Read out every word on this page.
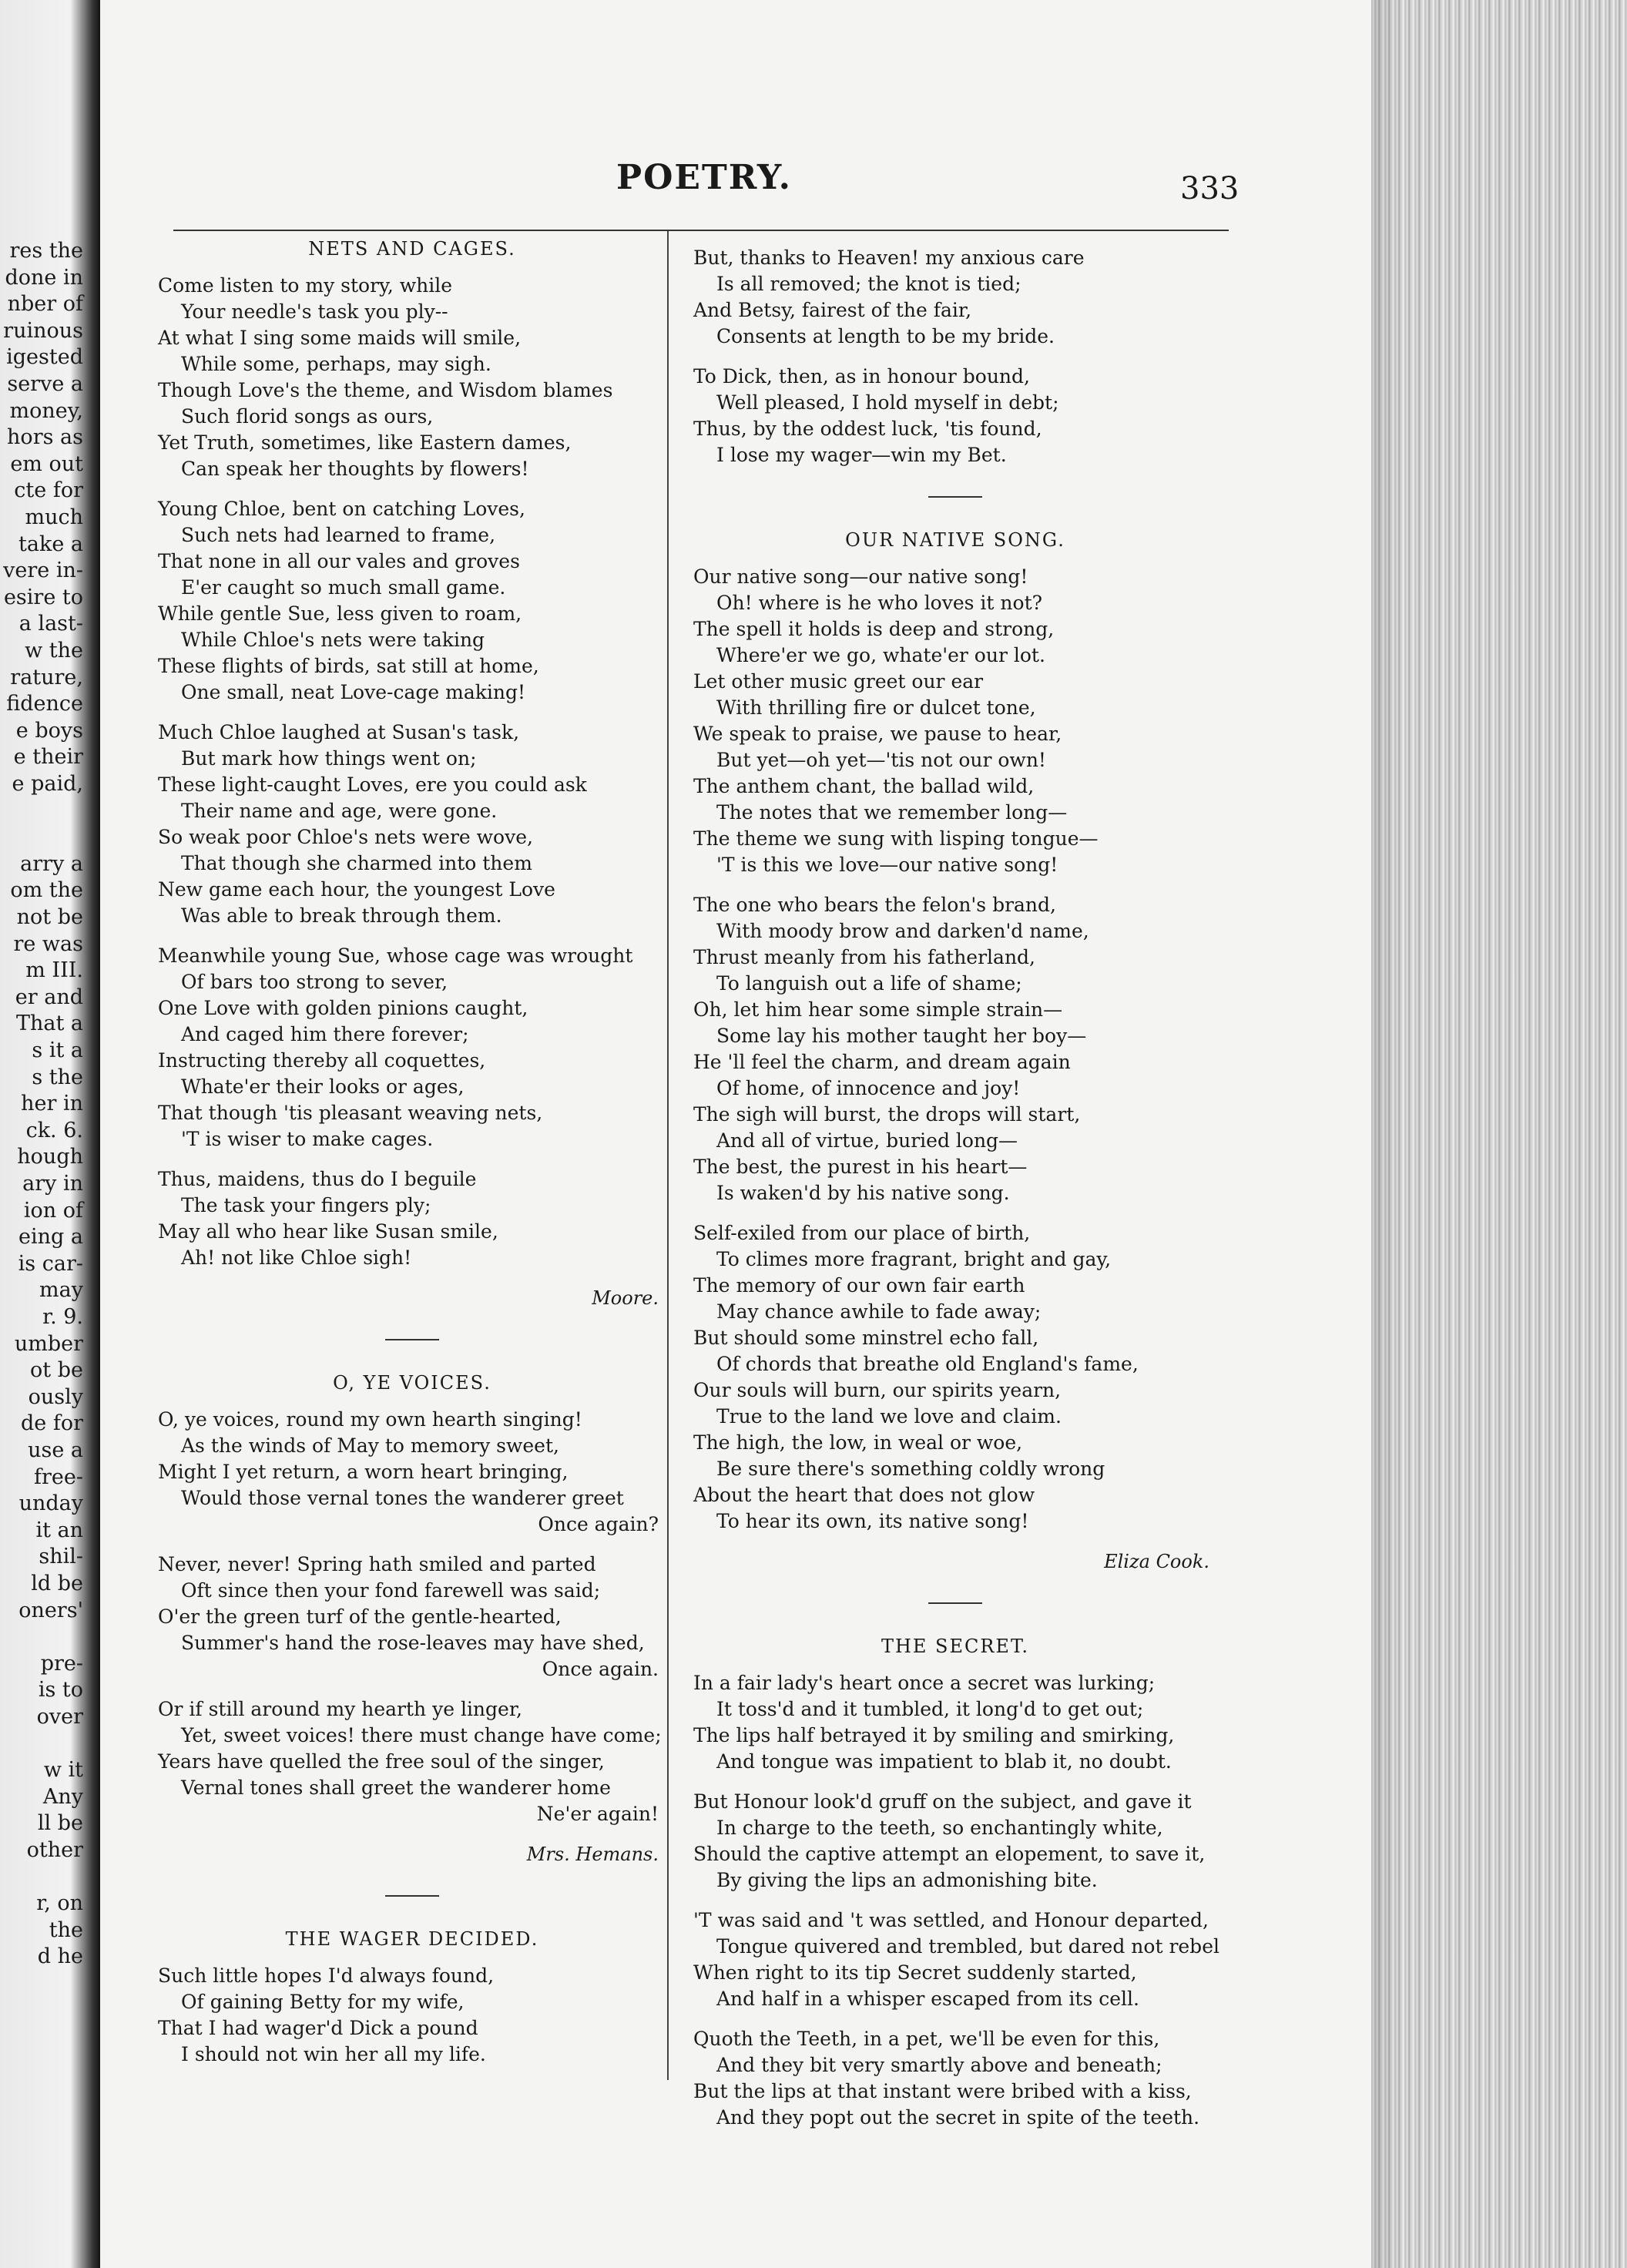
res the
done in
nber of
ruinous
igested
serve a
money,
hors as
em out
cte for
much
take a
vere in-
esire to
a last-
w the
rature,
fidence
e boys
e their
e paid,
arry a
om the
not be
re was
m III.
er and
That a
s it a
s the
her in
ck. 6.
hough
ary in
ion of
eing a
is car-
may
r. 9.
umber
ot be
ously
de for
use a
free-
unday
it an
shil-
ld be
oners'
pre-
is to
over
w it
Any
ll be
other
r, on
the
d he
POETRY.	333
NETS AND CAGES.
Come listen to my story, while
Your needle's task you ply--
At what I sing some maids will smile,
While some, perhaps, may sigh.
Though Love's the theme, and Wisdom blames
Such florid songs as ours,
Yet Truth, sometimes, like Eastern dames,
Can speak her thoughts by flowers!
Young Chloe, bent on catching Loves,
Such nets had learned to frame,
That none in all our vales and groves
E'er caught so much small game.
While gentle Sue, less given to roam,
While Chloe's nets were taking
These flights of birds, sat still at home,
One small, neat Love-cage making!
Much Chloe laughed at Susan's task,
But mark how things went on;
These light-caught Loves, ere you could ask
Their name and age, were gone.
So weak poor Chloe's nets were wove,
That though she charmed into them
New game each hour, the youngest Love
Was able to break through them.
Meanwhile young Sue, whose cage was wrought
Of bars too strong to sever,
One Love with golden pinions caught,
And caged him there forever;
Instructing thereby all coquettes,
Whate'er their looks or ages,
That though 'tis pleasant weaving nets,
'T is wiser to make cages.
Thus, maidens, thus do I beguile
The task your fingers ply;
May all who hear like Susan smile,
Ah! not like Chloe sigh!
Moore.
O, YE VOICES.
O, ye voices, round my own hearth singing!
As the winds of May to memory sweet,
Might I yet return, a worn heart bringing,
Would those vernal tones the wanderer greet
Once again?
Never, never! Spring hath smiled and parted
Oft since then your fond farewell was said;
O'er the green turf of the gentle-hearted,
Summer's hand the rose-leaves may have shed,
Once again.
Or if still around my hearth ye linger,
Yet, sweet voices! there must change have come;
Years have quelled the free soul of the singer,
Vernal tones shall greet the wanderer home
Ne'er again!
Mrs. Hemans.
THE WAGER DECIDED.
Such little hopes I'd always found,
Of gaining Betty for my wife,
That I had wager'd Dick a pound
I should not win her all my life.
But, thanks to Heaven! my anxious care
Is all removed; the knot is tied;
And Betsy, fairest of the fair,
Consents at length to be my bride.
To Dick, then, as in honour bound,
Well pleased, I hold myself in debt;
Thus, by the oddest luck, 'tis found,
I lose my wager—win my Bet.
OUR NATIVE SONG.
Our native song—our native song!
Oh! where is he who loves it not?
The spell it holds is deep and strong,
Where'er we go, whate'er our lot.
Let other music greet our ear
With thrilling fire or dulcet tone,
We speak to praise, we pause to hear,
But yet—oh yet—'tis not our own!
The anthem chant, the ballad wild,
The notes that we remember long—
The theme we sung with lisping tongue—
'T is this we love—our native song!
The one who bears the felon's brand,
With moody brow and darken'd name,
Thrust meanly from his fatherland,
To languish out a life of shame;
Oh, let him hear some simple strain—
Some lay his mother taught her boy—
He 'll feel the charm, and dream again
Of home, of innocence and joy!
The sigh will burst, the drops will start,
And all of virtue, buried long—
The best, the purest in his heart—
Is waken'd by his native song.
Self-exiled from our place of birth,
To climes more fragrant, bright and gay,
The memory of our own fair earth
May chance awhile to fade away;
But should some minstrel echo fall,
Of chords that breathe old England's fame,
Our souls will burn, our spirits yearn,
True to the land we love and claim.
The high, the low, in weal or woe,
Be sure there's something coldly wrong
About the heart that does not glow
To hear its own, its native song!
Eliza Cook.
THE SECRET.
In a fair lady's heart once a secret was lurking;
It toss'd and it tumbled, it long'd to get out;
The lips half betrayed it by smiling and smirking,
And tongue was impatient to blab it, no doubt.
But Honour look'd gruff on the subject, and gave it
In charge to the teeth, so enchantingly white,
Should the captive attempt an elopement, to save it,
By giving the lips an admonishing bite.
'T was said and 't was settled, and Honour departed,
Tongue quivered and trembled, but dared not rebel
When right to its tip Secret suddenly started,
And half in a whisper escaped from its cell.
Quoth the Teeth, in a pet, we'll be even for this,
And they bit very smartly above and beneath;
But the lips at that instant were bribed with a kiss,
And they popt out the secret in spite of the teeth.
